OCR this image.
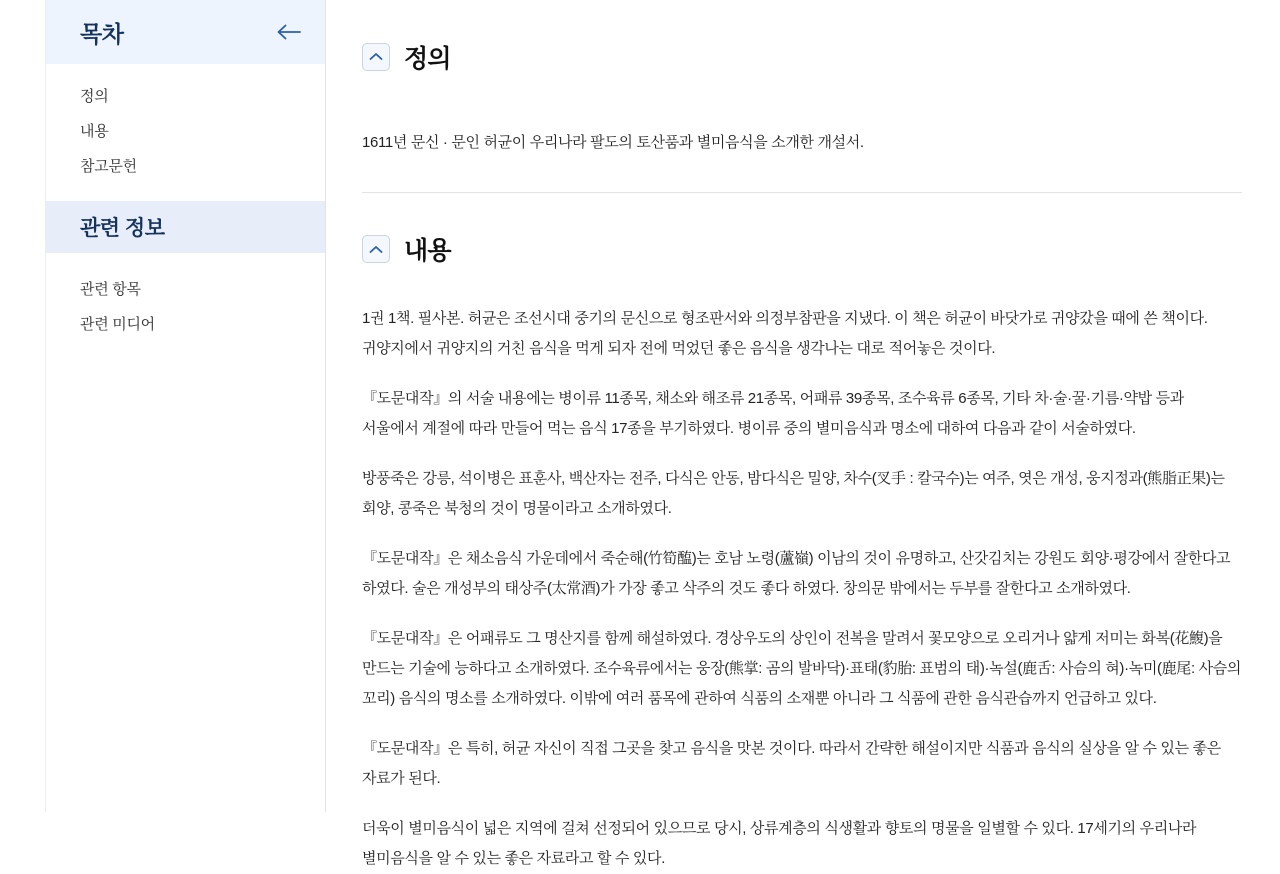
목차
정의
내용
참고문헌
관련 정보
관련 항목
관련 미디어
정의

1611년 문신 · 문인 허균이 우리나라 팔도의 토산품과 별미음식을 소개한 개설서.

내용

1권 1책. 필사본. 허균은 조선시대 중기의 문신으로 형조판서와 의정부참판을 지냈다. 이 책은 허균이 바닷가로 귀양갔을 때에 쓴 책이다. 귀양지에서 귀양지의 거친 음식을 먹게 되자 전에 먹었던 좋은 음식을 생각나는 대로 적어놓은 것이다.

『도문대작』의 서술 내용에는 병이류 11종목, 채소와 해조류 21종목, 어패류 39종목, 조수육류 6종목, 기타 차·술·꿀·기름·약밥 등과 서울에서 계절에 따라 만들어 먹는 음식 17종을 부기하였다. 병이류 중의 별미음식과 명소에 대하여 다음과 같이 서술하였다.

방풍죽은 강릉, 석이병은 표훈사, 백산자는 전주, 다식은 안동, 밤다식은 밀양, 차수(叉手 : 칼국수)는 여주, 엿은 개성, 웅지정과(熊脂正果)는 회양, 콩죽은 북청의 것이 명물이라고 소개하였다.

『도문대작』은 채소음식 가운데에서 죽순해(竹筍醢)는 호남 노령(蘆嶺) 이남의 것이 유명하고, 산갓김치는 강원도 회양·평강에서 잘한다고 하였다. 술은 개성부의 태상주(太常酒)가 가장 좋고 삭주의 것도 좋다 하였다. 창의문 밖에서는 두부를 잘한다고 소개하였다.

『도문대작』은 어패류도 그 명산지를 함께 해설하였다. 경상우도의 상인이 전복을 말려서 꽃모양으로 오리거나 얇게 저미는 화복(花鰒)을 만드는 기술에 능하다고 소개하였다. 조수육류에서는 웅장(熊掌: 곰의 발바닥)·표태(豹胎: 표범의 태)·녹설(鹿舌: 사슴의 혀)·녹미(鹿尾: 사슴의 꼬리) 음식의 명소를 소개하였다. 이밖에 여러 품목에 관하여 식품의 소재뿐 아니라 그 식품에 관한 음식관습까지 언급하고 있다.

『도문대작』은 특히, 허균 자신이 직접 그곳을 찾고 음식을 맛본 것이다. 따라서 간략한 해설이지만 식품과 음식의 실상을 알 수 있는 좋은 자료가 된다.

더욱이 별미음식이 넓은 지역에 걸쳐 선정되어 있으므로 당시, 상류계층의 식생활과 향토의 명물을 일별할 수 있다. 17세기의 우리나라 별미음식을 알 수 있는 좋은 자료라고 할 수 있다.
